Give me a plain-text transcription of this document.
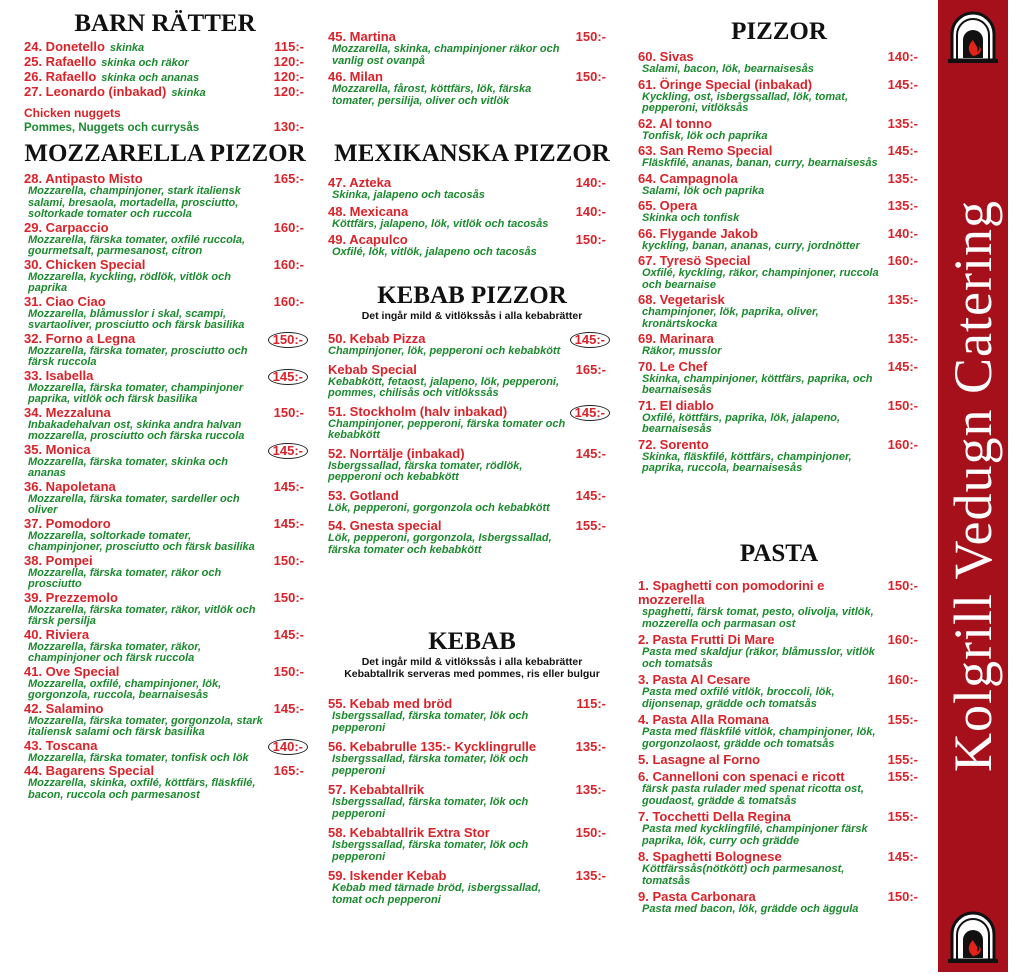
BARN RÄTTER
24. Donetello skinka	115:-
25. Rafaello skinka och räkor	120:-
26. Rafaello skinka och ananas	120:-
27. Leonardo (inbakad) skinka	120:-
Chicken nuggets
Pommes, Nuggets och currysås	130:-
MOZZARELLA PIZZOR
28. Antipasto Misto	165:-
Mozzarella, champinjoner, stark italiensk salami, bresaola, mortadella, prosciutto, soltorkade tomater och ruccola
29. Carpaccio	160:-
Mozzarella, färska tomater, oxfilé ruccola, gourmetsalt, parmesanost, citron
30. Chicken Special	160:-
Mozzarella, kyckling, rödlök, vitlök och paprika
31. Ciao Ciao	160:-
Mozzarella, blåmusslor i skal, scampi, svartaoliver, prosciutto och färsk basilika
32. Forno a Legna	150:-
Mozzarella, färska tomater, prosciutto och färsk ruccola
33. Isabella	145:-
Mozzarella, färska tomater, champinjoner paprika, vitlök och färsk basilika
34. Mezzaluna	150:-
Inbakadehalvan ost, skinka andra halvan mozzarella, prosciutto och färska ruccola
35. Monica	145:-
Mozzarella, färska tomater, skinka och ananas
36. Napoletana	145:-
Mozzarella, färska tomater, sardeller och oliver
37. Pomodoro	145:-
Mozzarella, soltorkade tomater, champinjoner, prosciutto och färsk basilika
38. Pompei	150:-
Mozzarella, färska tomater, räkor och prosciutto
39. Prezzemolo	150:-
Mozzarella, färska tomater, räkor, vitlök och färsk persilja
40. Riviera	145:-
Mozzarella, färska tomater, räkor, champinjoner och färsk ruccola
41. Ove Special	150:-
Mozzarella, oxfilé, champinjoner, lök, gorgonzola, ruccola, bearnaisesås
42. Salamino	145:-
Mozzarella, färska tomater, gorgonzola, stark italiensk salami och färsk basilika
43. Toscana	140:-
Mozzarella, färska tomater, tonfisk och lök
44. Bagarens Special	165:-
Mozzarella, skinka, oxfilé, köttfärs, fläskfilé, bacon, ruccola och parmesanost
45. Martina	150:-
Mozzarella, skinka, champinjoner räkor och vanlig ost ovanpå
46. Milan	150:-
Mozzarella, fårost, köttfärs, lök, färska tomater, persilija, oliver och vitlök
MEXIKANSKA PIZZOR
47. Azteka	140:-
Skinka, jalapeno och tacosås
48. Mexicana	140:-
Köttfärs, jalapeno, lök, vitlök och tacosås
49. Acapulco	150:-
Oxfilé, lök, vitlök, jalapeno och tacosås
KEBAB PIZZOR

Det ingår mild & vitlökssås i alla kebabrätter

50. Kebab Pizza	145:-
Champinjoner, lök, pepperoni och kebabkött
Kebab Special	165:-
Kebabkött, fetaost, jalapeno, lök, pepperoni, pommes, chilisås och vitlökssås
51. Stockholm (halv inbakad)	145:-
Champinjoner, pepperoni, färska tomater och kebabkött
52. Norrtälje (inbakad)	145:-
Isbergssallad, färska tomater, rödlök, pepperoni och kebabkött
53. Gotland	145:-
Lök, pepperoni, gorgonzola och kebabkött
54. Gnesta special	155:-
Lök, pepperoni, gorgonzola, Isbergssallad, färska tomater och kebabkött
KEBAB

Det ingår mild & vitlökssås i alla kebabrätter

Kebabtallrik serveras med pommes, ris eller bulgur

55. Kebab med bröd	115:-
Isbergssallad, färska tomater, lök och pepperoni
56. Kebabrulle 135:- Kycklingrulle	135:-
Isbergssallad, färska tomater, lök och pepperoni
57. Kebabtallrik	135:-
Isbergssallad, färska tomater, lök och pepperoni
58. Kebabtallrik Extra Stor	150:-
Isbergssallad, färska tomater, lök och pepperoni
59. Iskender Kebab	135:-
Kebab med tärnade bröd, isbergssallad, tomat och pepperoni
PIZZOR
60. Sivas	140:-
Salami, bacon, lök, bearnaisesås
61. Öringe Special (inbakad)	145:-
Kyckling, ost, isbergssallad, lök, tomat, pepperoni, vitlöksås
62. Al tonno	135:-
Tonfisk, lök och paprika
63. San Remo Special	145:-
Fläskfilé, ananas, banan, curry, bearnaisesås
64. Campagnola	135:-
Salami, lök och paprika
65. Opera	135:-
Skinka och tonfisk
66. Flygande Jakob	140:-
kyckling, banan, ananas, curry, jordnötter
67. Tyresö Special	160:-
Oxfilé, kyckling, räkor, champinjoner, ruccola och bearnaise
68. Vegetarisk	135:-
champinjoner, lök, paprika, oliver, kronärtskocka
69. Marinara	135:-
Räkor, musslor
70. Le Chef	145:-
Skinka, champinjoner, köttfärs, paprika, och bearnaisesås
71. El diablo	150:-
Oxfilé, köttfärs, paprika, lök, jalapeno, bearnaisesås
72. Sorento	160:-
Skinka, fläskfilé, köttfärs, champinjoner, paprika, ruccola, bearnaisesås
PASTA
1. Spaghetti con pomodorini e mozzerella
150:-
spaghetti, färsk tomat, pesto, olivolja, vitlök, mozzerella och parmasan ost
2. Pasta Frutti Di Mare	160:-
Pasta med skaldjur (räkor, blåmusslor, vitlök och tomatsås
3. Pasta Al Cesare	160:-
Pasta med oxfilé vitlök, broccoli, lök, dijonsenap, grädde och tomatsås
4. Pasta Alla Romana	155:-
Pasta med fläskfilé vitlök, champinjoner, lök, gorgonzolaost, grädde och tomatsås
5. Lasagne al Forno	155:-
6. Cannelloni con spenaci e ricott	155:-
färsk pasta rulader med spenat ricotta ost, goudaost, grädde & tomatsås
7. Tocchetti Della Regina	155:-
Pasta med kycklingfilé, champinjoner färsk paprika, lök, curry och grädde
8. Spaghetti Bolognese	145:-
Köttfärssås(nötkött) och parmesanost, tomatsås
9. Pasta Carbonara	150:-
Pasta med bacon, lök, grädde och äggula
Kolgrill Vedugn Catering
